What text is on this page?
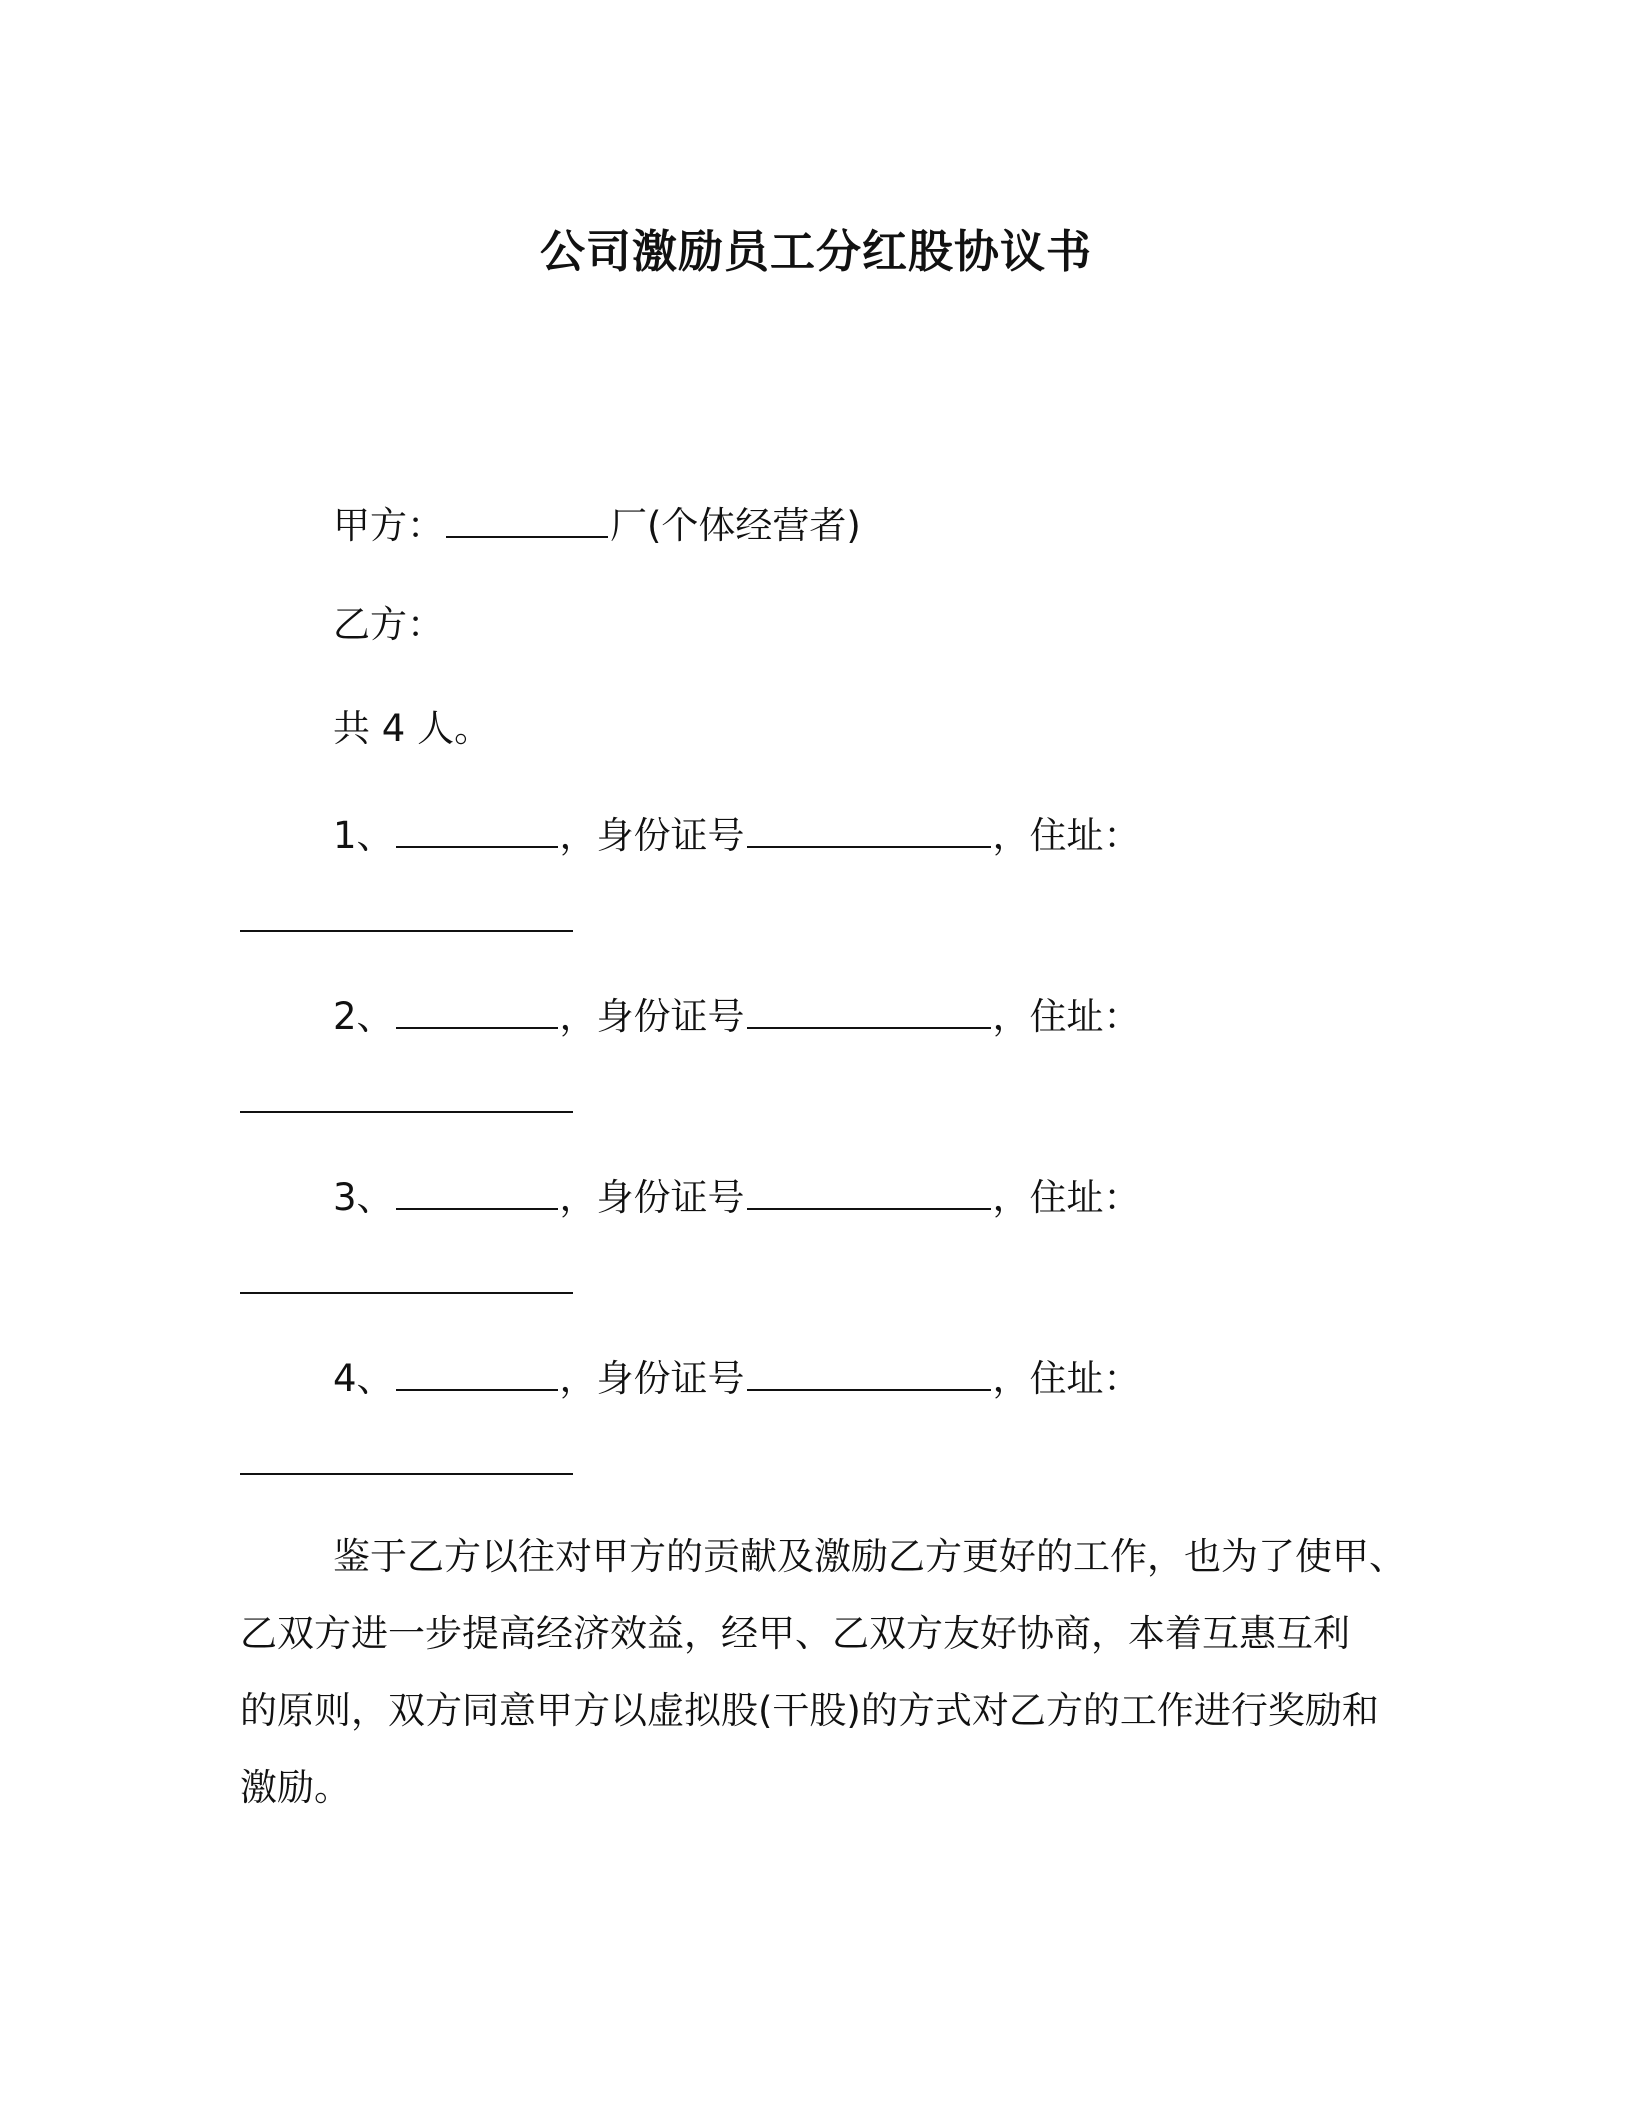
公司激励员工分红股协议书
甲方：	厂(个体经营者)
乙方：
共 4 人。
1、	，身份证号	，住址：
2、	，身份证号	，住址：
3、	，身份证号	，住址：
4、	，身份证号	，住址：
鉴于乙方以往对甲方的贡献及激励乙方更好的工作，也为了使甲、
乙双方进一步提高经济效益，经甲、乙双方友好协商，本着互惠互利
的原则，双方同意甲方以虚拟股(干股)的方式对乙方的工作进行奖励和
激励。
